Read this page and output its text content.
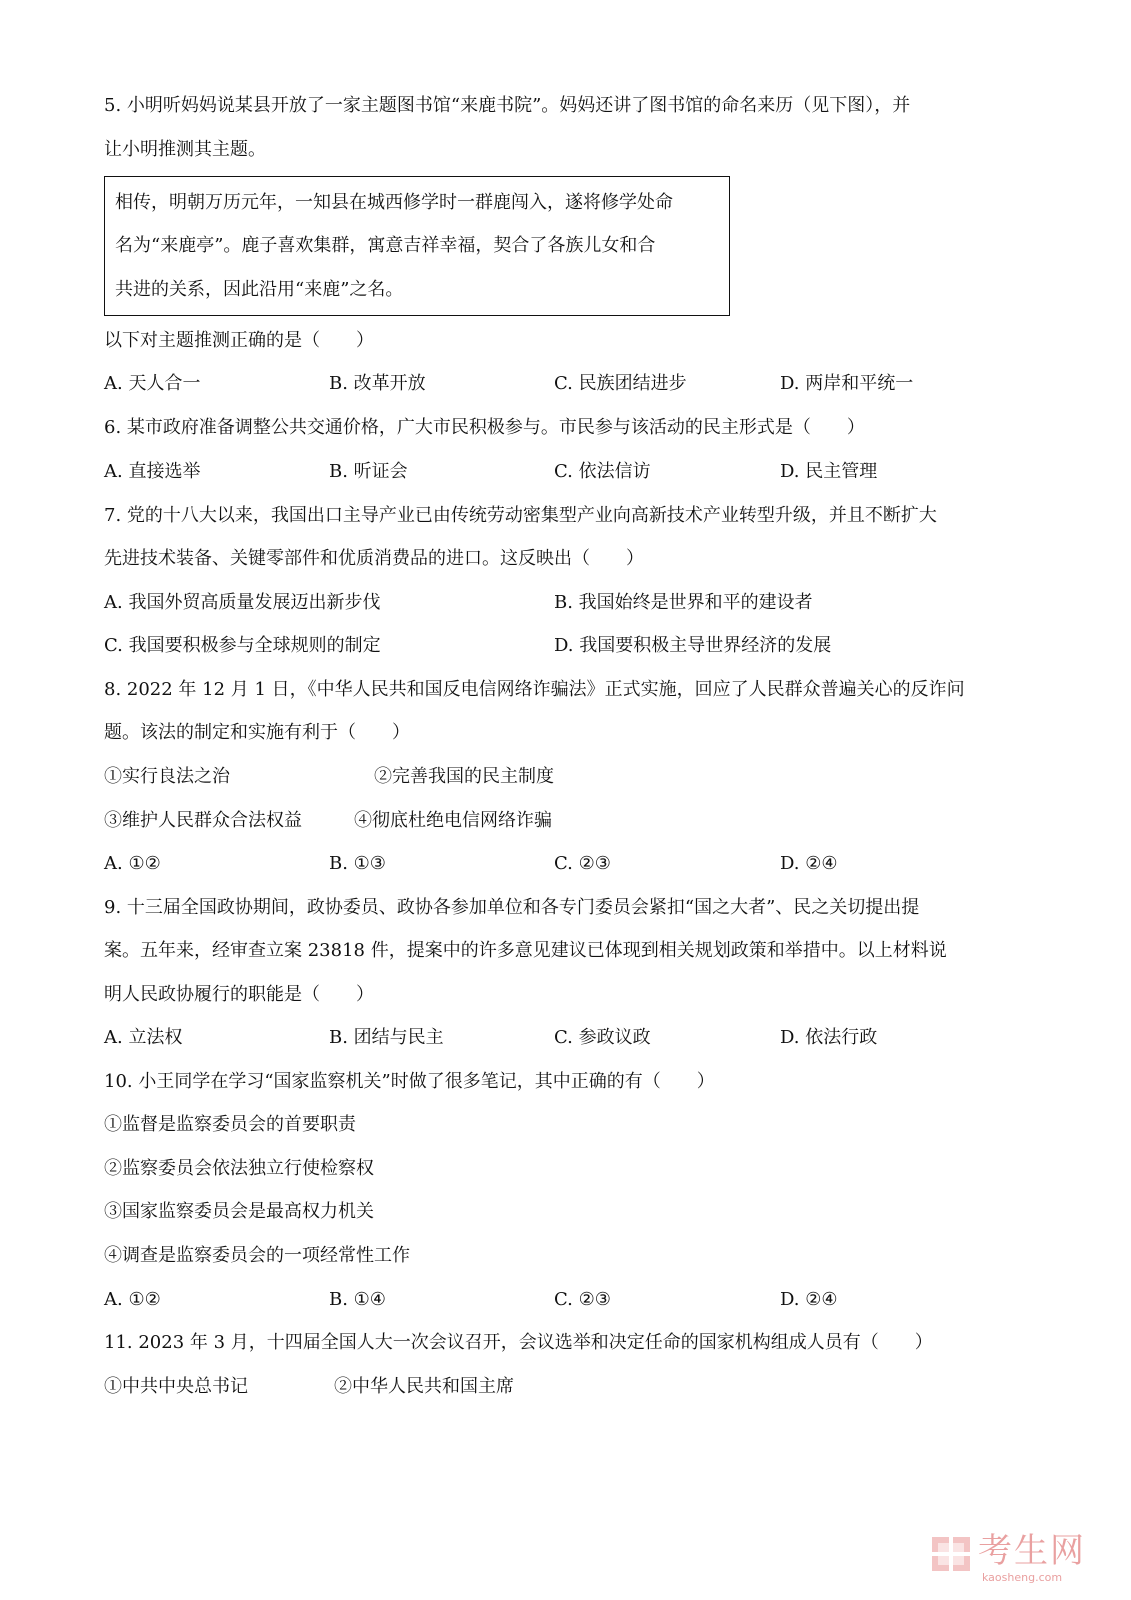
5. 小明听妈妈说某县开放了一家主题图书馆“来鹿书院”。妈妈还讲了图书馆的命名来历（见下图），并
让小明推测其主题。
相传，明朝万历元年，一知县在城西修学时一群鹿闯入，遂将修学处命
名为“来鹿亭”。鹿子喜欢集群，寓意吉祥幸福，契合了各族儿女和合
共进的关系，因此沿用“来鹿”之名。
以下对主题推测正确的是（　　）
A. 天人合一	B. 改革开放	C. 民族团结进步	D. 两岸和平统一
6. 某市政府准备调整公共交通价格，广大市民积极参与。市民参与该活动的民主形式是（　　）
A. 直接选举	B. 听证会	C. 依法信访	D. 民主管理
7. 党的十八大以来，我国出口主导产业已由传统劳动密集型产业向高新技术产业转型升级，并且不断扩大
先进技术装备、关键零部件和优质消费品的进口。这反映出（　　）
A. 我国外贸高质量发展迈出新步伐	B. 我国始终是世界和平的建设者
C. 我国要积极参与全球规则的制定	D. 我国要积极主导世界经济的发展
8. 2022 年 12 月 1 日，《中华人民共和国反电信网络诈骗法》正式实施，回应了人民群众普遍关心的反诈问
题。该法的制定和实施有利于（　　）
①实行良法之治	②完善我国的民主制度
③维护人民群众合法权益	④彻底杜绝电信网络诈骗
A. ①②	B. ①③	C. ②③	D. ②④
9. 十三届全国政协期间，政协委员、政协各参加单位和各专门委员会紧扣“国之大者”、民之关切提出提
案。五年来，经审查立案 23818 件，提案中的许多意见建议已体现到相关规划政策和举措中。以上材料说
明人民政协履行的职能是（　　）
A. 立法权	B. 团结与民主	C. 参政议政	D. 依法行政
10. 小王同学在学习“国家监察机关”时做了很多笔记，其中正确的有（　　）
①监督是监察委员会的首要职责
②监察委员会依法独立行使检察权
③国家监察委员会是最高权力机关
④调查是监察委员会的一项经常性工作
A. ①②	B. ①④	C. ②③	D. ②④
11. 2023 年 3 月，十四届全国人大一次会议召开，会议选举和决定任命的国家机构组成人员有（　　）
①中共中央总书记	②中华人民共和国主席
考生网
kaosheng.com
